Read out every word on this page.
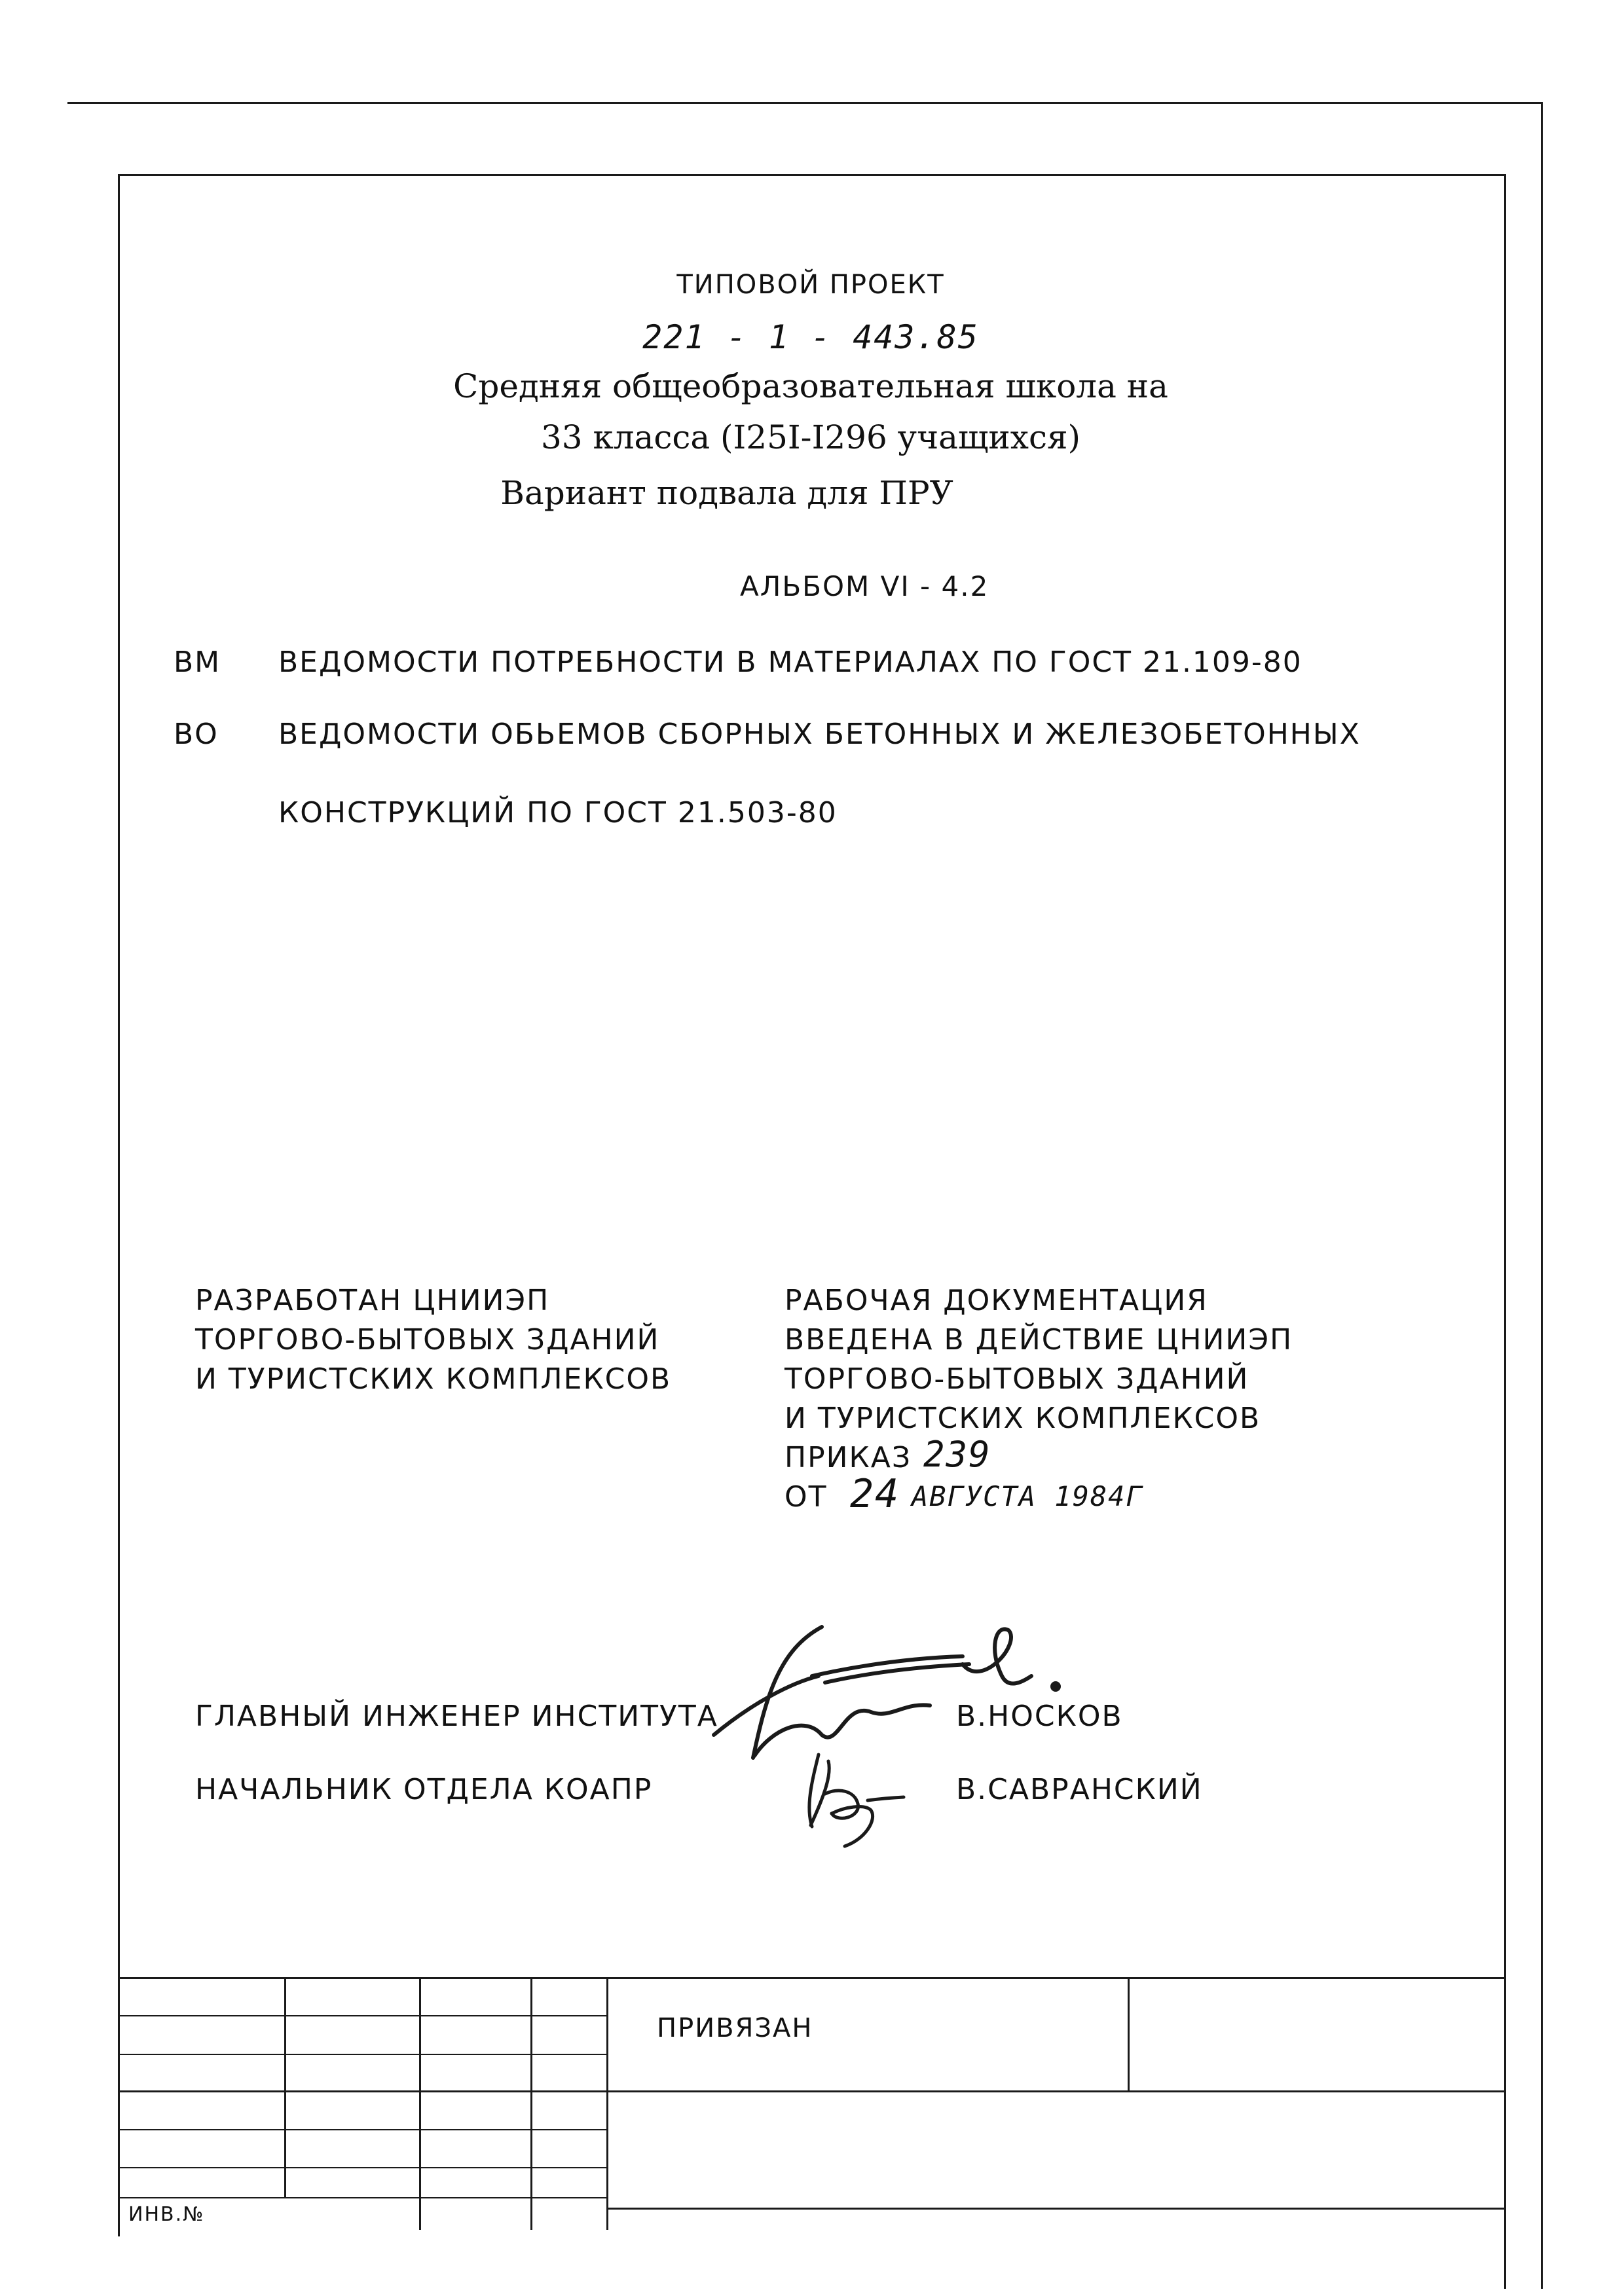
ТИПОВОЙ ПРОЕКТ
221 - 1 - 443.85
Средняя общеобразовательная школа на
33 класса (I25I-I296 учащихся)
Вариант подвала для ПРУ
АЛЬБОМ VI - 4.2
ВМ ВЕДОМОСТИ ПОТРЕБНОСТИ В МАТЕРИАЛАХ ПО ГОСТ 21.109-80
ВО ВЕДОМОСТИ ОБЬЕМОВ СБОРНЫХ БЕТОННЫХ И ЖЕЛЕЗОБЕТОННЫХ
КОНСТРУКЦИЙ ПО ГОСТ 21.503-80
РАЗРАБОТАН ЦНИИЭП
ТОРГОВО-БЫТОВЫХ ЗДАНИЙ
И ТУРИСТСКИХ КОМПЛЕКСОВ
РАБОЧАЯ ДОКУМЕНТАЦИЯ
ВВЕДЕНА В ДЕЙСТВИЕ ЦНИИЭП
ТОРГОВО-БЫТОВЫХ ЗДАНИЙ
И ТУРИСТСКИХ КОМПЛЕКСОВ
ПРИКАЗ 239
ОТ 24 АВГУСТА 1984Г
ГЛАВНЫЙ ИНЖЕНЕР ИНСТИТУТА	В.НОСКОВ
НАЧАЛЬНИК ОТДЕЛА КОАПР	В.САВРАНСКИЙ
ПРИВЯЗАН
ИНВ.№
